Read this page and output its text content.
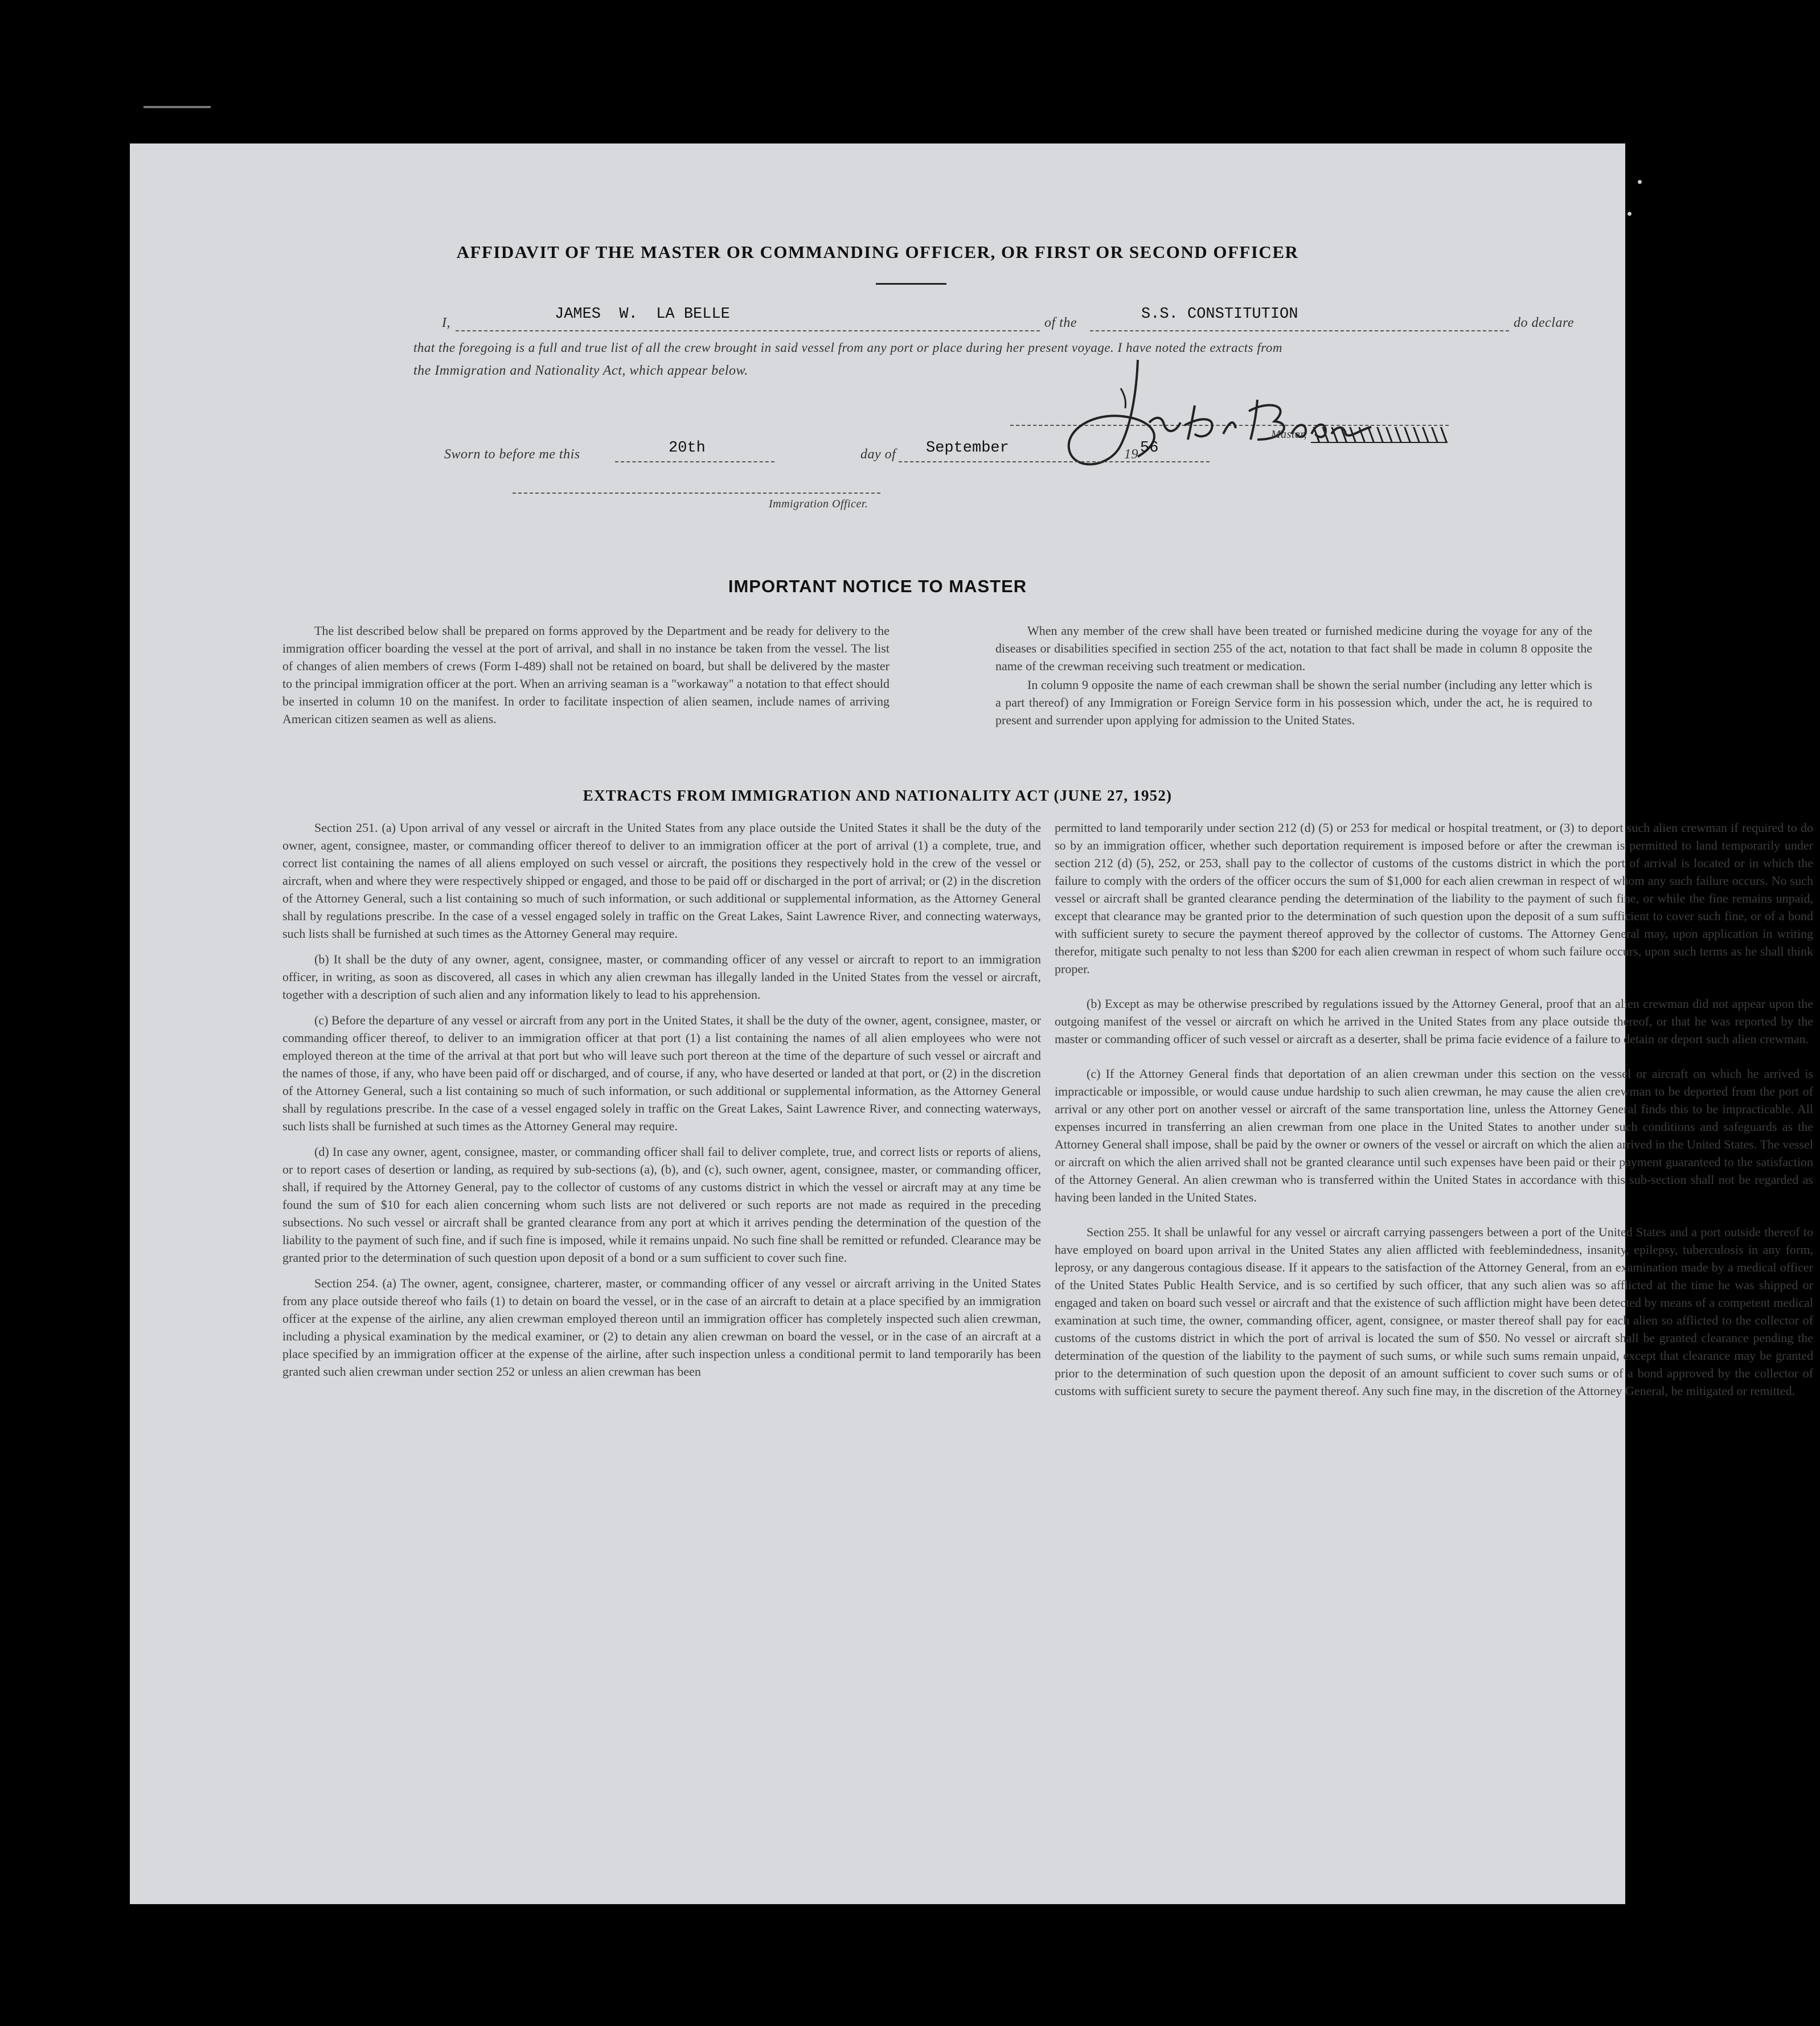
AFFIDAVIT OF THE MASTER OR COMMANDING OFFICER, OR FIRST OR SECOND OFFICER
I,	JAMES  W.  LA BELLE	of the	S.S. CONSTITUTION	do declare
that the foregoing is a full and true list of all the crew brought in said vessel from any port or place during her present voyage. I have noted the extracts from
the Immigration and Nationality Act, which appear below.
Master,
Sworn to before me this	20th	day of September	19 56
Immigration Officer.
IMPORTANT NOTICE TO MASTER

The list described below shall be prepared on forms approved by the Department and be ready for delivery to the immigration officer boarding the vessel at the port of arrival, and shall in no instance be taken from the vessel. The list of changes of alien members of crews (Form I-489) shall not be retained on board, but shall be delivered by the master to the principal immigration officer at the port. When an arriving seaman is a "workaway" a notation to that effect should be inserted in column 10 on the manifest. In order to facilitate inspection of alien seamen, include names of arriving American citizen seamen as well as aliens.

When any member of the crew shall have been treated or furnished medicine during the voyage for any of the diseases or disabilities specified in section 255 of the act, notation to that fact shall be made in column 8 opposite the name of the crewman receiving such treatment or medication.

In column 9 opposite the name of each crewman shall be shown the serial number (including any letter which is a part thereof) of any Immigration or Foreign Service form in his possession which, under the act, he is required to present and surrender upon applying for admission to the United States.

EXTRACTS FROM IMMIGRATION AND NATIONALITY ACT (JUNE 27, 1952)

Section 251. (a) Upon arrival of any vessel or aircraft in the United States from any place outside the United States it shall be the duty of the owner, agent, consignee, master, or commanding officer thereof to deliver to an immigration officer at the port of arrival (1) a complete, true, and correct list containing the names of all aliens employed on such vessel or aircraft, the positions they respectively hold in the crew of the vessel or aircraft, when and where they were respectively shipped or engaged, and those to be paid off or discharged in the port of arrival; or (2) in the discretion of the Attorney General, such a list containing so much of such information, or such additional or supplemental information, as the Attorney General shall by regulations prescribe. In the case of a vessel engaged solely in traffic on the Great Lakes, Saint Lawrence River, and connecting waterways, such lists shall be furnished at such times as the Attorney General may require.

(b) It shall be the duty of any owner, agent, consignee, master, or commanding officer of any vessel or aircraft to report to an immigration officer, in writing, as soon as discovered, all cases in which any alien crewman has illegally landed in the United States from the vessel or aircraft, together with a description of such alien and any information likely to lead to his apprehension.

(c) Before the departure of any vessel or aircraft from any port in the United States, it shall be the duty of the owner, agent, consignee, master, or commanding officer thereof, to deliver to an immigration officer at that port (1) a list containing the names of all alien employees who were not employed thereon at the time of the arrival at that port but who will leave such port thereon at the time of the departure of such vessel or aircraft and the names of those, if any, who have been paid off or discharged, and of course, if any, who have deserted or landed at that port, or (2) in the discretion of the Attorney General, such a list containing so much of such information, or such additional or supplemental information, as the Attorney General shall by regulations prescribe. In the case of a vessel engaged solely in traffic on the Great Lakes, Saint Lawrence River, and connecting waterways, such lists shall be furnished at such times as the Attorney General may require.

(d) In case any owner, agent, consignee, master, or commanding officer shall fail to deliver complete, true, and correct lists or reports of aliens, or to report cases of desertion or landing, as required by sub-sections (a), (b), and (c), such owner, agent, consignee, master, or commanding officer, shall, if required by the Attorney General, pay to the collector of customs of any customs district in which the vessel or aircraft may at any time be found the sum of $10 for each alien concerning whom such lists are not delivered or such reports are not made as required in the preceding subsections. No such vessel or aircraft shall be granted clearance from any port at which it arrives pending the determination of the question of the liability to the payment of such fine, and if such fine is imposed, while it remains unpaid. No such fine shall be remitted or refunded. Clearance may be granted prior to the determination of such question upon deposit of a bond or a sum sufficient to cover such fine.

Section 254. (a) The owner, agent, consignee, charterer, master, or commanding officer of any vessel or aircraft arriving in the United States from any place outside thereof who fails (1) to detain on board the vessel, or in the case of an aircraft to detain at a place specified by an immigration officer at the expense of the airline, any alien crewman employed thereon until an immigration officer has completely inspected such alien crewman, including a physical examination by the medical examiner, or (2) to detain any alien crewman on board the vessel, or in the case of an aircraft at a place specified by an immigration officer at the expense of the airline, after such inspection unless a conditional permit to land temporarily has been granted such alien crewman under section 252 or unless an alien crewman has been

permitted to land temporarily under section 212 (d) (5) or 253 for medical or hospital treatment, or (3) to deport such alien crewman if required to do so by an immigration officer, whether such deportation requirement is imposed before or after the crewman is permitted to land temporarily under section 212 (d) (5), 252, or 253, shall pay to the collector of customs of the customs district in which the port of arrival is located or in which the failure to comply with the orders of the officer occurs the sum of $1,000 for each alien crewman in respect of whom any such failure occurs. No such vessel or aircraft shall be granted clearance pending the determination of the liability to the payment of such fine, or while the fine remains unpaid, except that clearance may be granted prior to the determination of such question upon the deposit of a sum sufficient to cover such fine, or of a bond with sufficient surety to secure the payment thereof approved by the collector of customs. The Attorney General may, upon application in writing therefor, mitigate such penalty to not less than $200 for each alien crewman in respect of whom such failure occurs, upon such terms as he shall think proper.

(b) Except as may be otherwise prescribed by regulations issued by the Attorney General, proof that an alien crewman did not appear upon the outgoing manifest of the vessel or aircraft on which he arrived in the United States from any place outside thereof, or that he was reported by the master or commanding officer of such vessel or aircraft as a deserter, shall be prima facie evidence of a failure to detain or deport such alien crewman.

(c) If the Attorney General finds that deportation of an alien crewman under this section on the vessel or aircraft on which he arrived is impracticable or impossible, or would cause undue hardship to such alien crewman, he may cause the alien crewman to be deported from the port of arrival or any other port on another vessel or aircraft of the same transportation line, unless the Attorney General finds this to be impracticable. All expenses incurred in transferring an alien crewman from one place in the United States to another under such conditions and safeguards as the Attorney General shall impose, shall be paid by the owner or owners of the vessel or aircraft on which the alien arrived in the United States. The vessel or aircraft on which the alien arrived shall not be granted clearance until such expenses have been paid or their payment guaranteed to the satisfaction of the Attorney General. An alien crewman who is transferred within the United States in accordance with this sub-section shall not be regarded as having been landed in the United States.

Section 255. It shall be unlawful for any vessel or aircraft carrying passengers between a port of the United States and a port outside thereof to have employed on board upon arrival in the United States any alien afflicted with feeblemindedness, insanity, epilepsy, tuberculosis in any form, leprosy, or any dangerous contagious disease. If it appears to the satisfaction of the Attorney General, from an examination made by a medical officer of the United States Public Health Service, and is so certified by such officer, that any such alien was so afflicted at the time he was shipped or engaged and taken on board such vessel or aircraft and that the existence of such affliction might have been detected by means of a competent medical examination at such time, the owner, commanding officer, agent, consignee, or master thereof shall pay for each alien so afflicted to the collector of customs of the customs district in which the port of arrival is located the sum of $50. No vessel or aircraft shall be granted clearance pending the determination of the question of the liability to the payment of such sums, or while such sums remain unpaid, except that clearance may be granted prior to the determination of such question upon the deposit of an amount sufficient to cover such sums or of a bond approved by the collector of customs with sufficient surety to secure the payment thereof. Any such fine may, in the discretion of the Attorney General, be mitigated or remitted.
